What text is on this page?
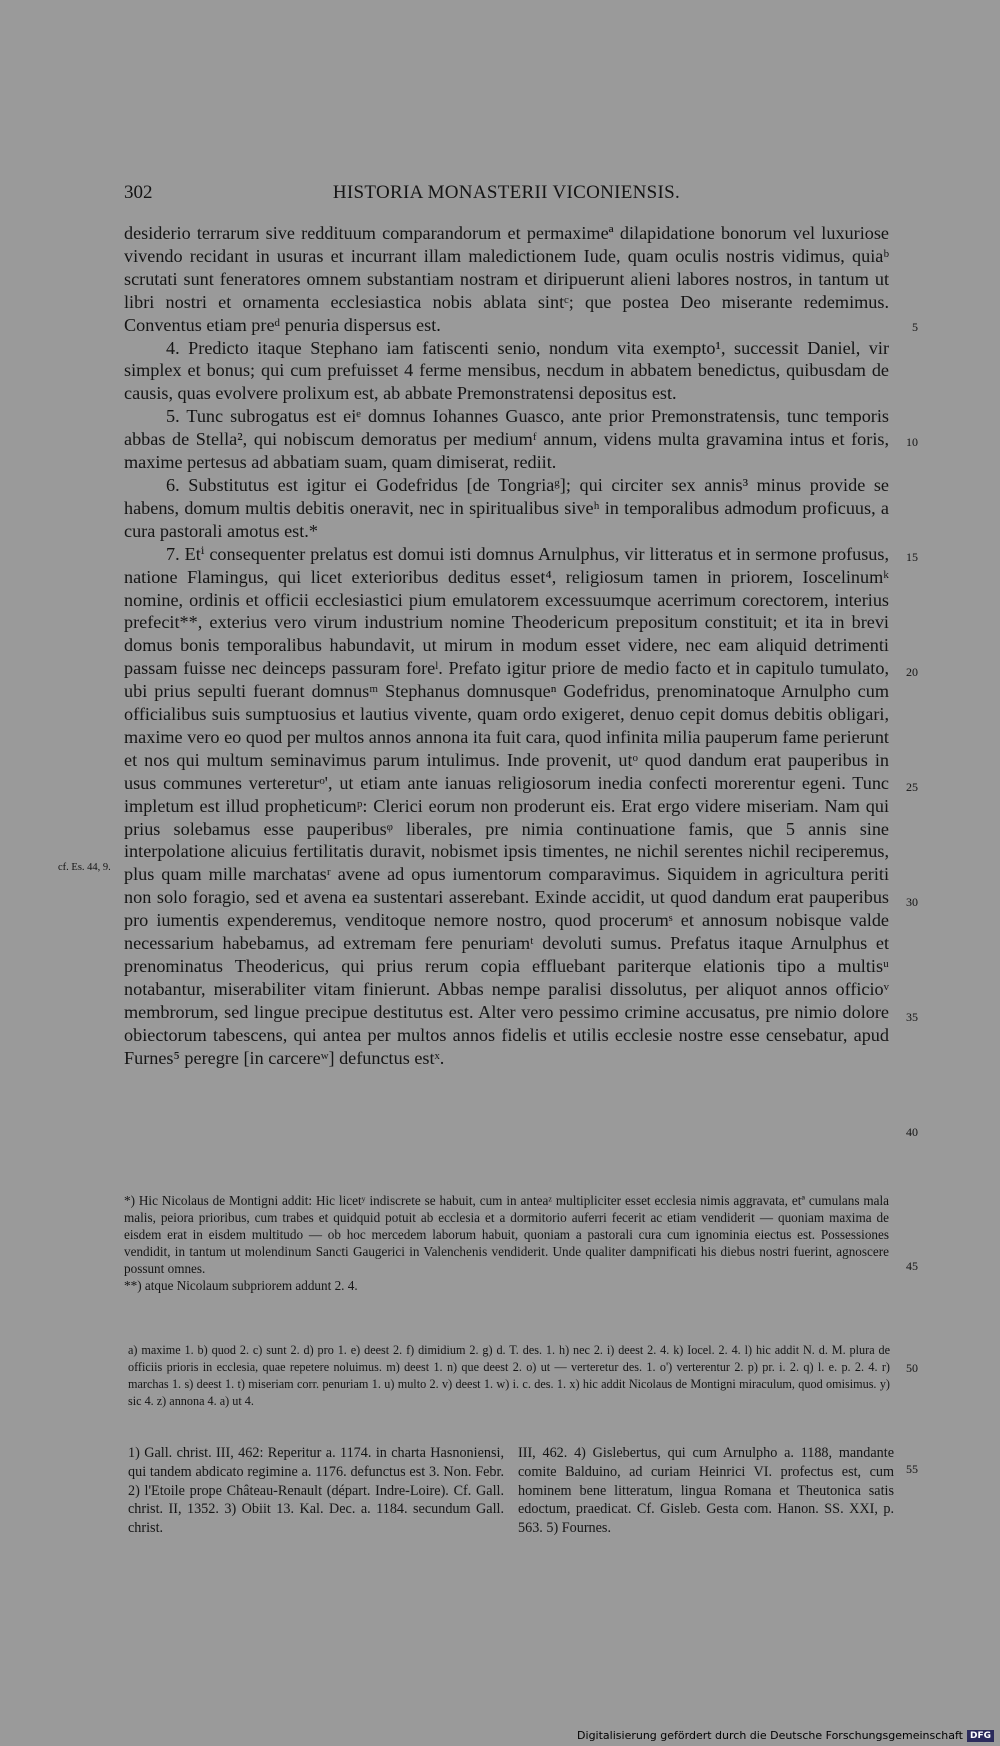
302	HISTORIA MONASTERII VICONIENSIS.

desiderio terrarum sive reddituum comparandorum et permaximeª dilapidatione bonorum vel luxuriose vivendo recidant in usuras et incurrant illam maledictionem Iude, quam oculis nostris vidimus, quiaᵇ scrutati sunt feneratores omnem substantiam nostram et diripuerunt alieni labores nostros, in tantum ut libri nostri et ornamenta ecclesiastica nobis ablata sintᶜ; que postea Deo miserante redemimus. Conventus etiam preᵈ penuria dispersus est.

4. Predicto itaque Stephano iam fatiscenti senio, nondum vita exempto¹, successit Daniel, vir simplex et bonus; qui cum prefuisset 4 ferme mensibus, necdum in abbatem benedictus, quibusdam de causis, quas evolvere prolixum est, ab abbate Premonstratensi depositus est.

5. Tunc subrogatus est eiᵉ domnus Iohannes Guasco, ante prior Premonstratensis, tunc temporis abbas de Stella², qui nobiscum demoratus per mediumᶠ annum, videns multa gravamina intus et foris, maxime pertesus ad abbatiam suam, quam dimiserat, rediit.

6. Substitutus est igitur ei Godefridus [de Tongriaᵍ]; qui circiter sex annis³ minus provide se habens, domum multis debitis oneravit, nec in spiritualibus siveʰ in temporalibus admodum proficuus, a cura pastorali amotus est.*

7. Etⁱ consequenter prelatus est domui isti domnus Arnulphus, vir litteratus et in sermone profusus, natione Flamingus, qui licet exterioribus deditus esset⁴, religiosum tamen in priorem, Ioscelinumᵏ nomine, ordinis et officii ecclesiastici pium emulatorem excessuumque acerrimum corectorem, interius prefecit**, exterius vero virum industrium nomine Theodericum prepositum constituit; et ita in brevi domus bonis temporalibus habundavit, ut mirum in modum esset videre, nec eam aliquid detrimenti passam fuisse nec deinceps passuram foreˡ. Prefato igitur priore de medio facto et in capitulo tumulato, ubi prius sepulti fuerant domnusᵐ Stephanus domnusqueⁿ Godefridus, prenominatoque Arnulpho cum officialibus suis sumptuosius et lautius vivente, quam ordo exigeret, denuo cepit domus debitis obligari, maxime vero eo quod per multos annos annona ita fuit cara, quod infinita milia pauperum fame perierunt et nos qui multum seminavimus parum intulimus. Inde provenit, utᵒ quod dandum erat pauperibus in usus communes vertereturᵒ', ut etiam ante ianuas religiosorum inedia confecti morerentur egeni. Tunc impletum est illud propheticumᵖ: Clerici eorum non proderunt eis. Erat ergo videre miseriam. Nam qui prius solebamus esse pauperibusᵠ liberales, pre nimia continuatione famis, que 5 annis sine interpolatione alicuius fertilitatis duravit, nobismet ipsis timentes, ne nichil serentes nichil reciperemus, plus quam mille marchatasʳ avene ad opus iumentorum comparavimus. Siquidem in agricultura periti non solo foragio, sed et avena ea sustentari asserebant. Exinde accidit, ut quod dandum erat pauperibus pro iumentis expenderemus, venditoque nemore nostro, quod procerumˢ et annosum nobisque valde necessarium habebamus, ad extremam fere penuriamᵗ devoluti sumus. Prefatus itaque Arnulphus et prenominatus Theodericus, qui prius rerum copia effluebant pariterque elationis tipo a multisᵘ notabantur, miserabiliter vitam finierunt. Abbas nempe paralisi dissolutus, per aliquot annos officioᵛ membrorum, sed lingue precipue destitutus est. Alter vero pessimo crimine accusatus, pre nimio dolore obiectorum tabescens, qui antea per multos annos fidelis et utilis ecclesie nostre esse censebatur, apud Furnes⁵ peregre [in carcereʷ] defunctus estˣ.

5
10
15
20
25
30
35
40
45
50
55
cf. Es. 44, 9.

*) Hic Nicolaus de Montigni addit: Hic licetʸ indiscrete se habuit, cum in anteaᶻ multipliciter esset ecclesia nimis aggravata, etª cumulans mala malis, peiora prioribus, cum trabes et quidquid potuit ab ecclesia et a dormitorio auferri fecerit ac etiam vendiderit — quoniam maxima de eisdem erat in eisdem multitudo — ob hoc mercedem laborum habuit, quoniam a pastorali cura cum ignominia eiectus est. Possessiones vendidit, in tantum ut molendinum Sancti Gaugerici in Valenchenis vendiderit. Unde qualiter dampnificati his diebus nostri fuerint, agnoscere possunt omnes.

**) atque Nicolaum subpriorem addunt 2. 4.

a) maxime 1. b) quod 2. c) sunt 2. d) pro 1. e) deest 2. f) dimidium 2. g) d. T. des. 1. h) nec 2. i) deest 2. 4. k) Iocel. 2. 4. l) hic addit N. d. M. plura de officiis prioris in ecclesia, quae repetere noluimus. m) deest 1. n) que deest 2. o) ut — verteretur des. 1. o') verterentur 2. p) pr. i. 2. q) l. e. p. 2. 4. r) marchas 1. s) deest 1. t) miseriam corr. penuriam 1. u) multo 2. v) deest 1. w) i. c. des. 1. x) hic addit Nicolaus de Montigni miraculum, quod omisimus. y) sic 4. z) annona 4. a) ut 4.

1) Gall. christ. III, 462: Reperitur a. 1174. in charta Hasnoniensi, qui tandem abdicato regimine a. 1176. defunctus est 3. Non. Febr. 2) l'Etoile prope Château-Renault (départ. Indre-Loire). Cf. Gall. christ. II, 1352. 3) Obiit 13. Kal. Dec. a. 1184. secundum Gall. christ.

III, 462. 4) Gislebertus, qui cum Arnulpho a. 1188, mandante comite Balduino, ad curiam Heinrici VI. profectus est, cum hominem bene litteratum, lingua Romana et Theutonica satis edoctum, praedicat. Cf. Gisleb. Gesta com. Hanon. SS. XXI, p. 563. 5) Fournes.

Digitalisierung gefördert durch die Deutsche Forschungsgemeinschaft DFG
